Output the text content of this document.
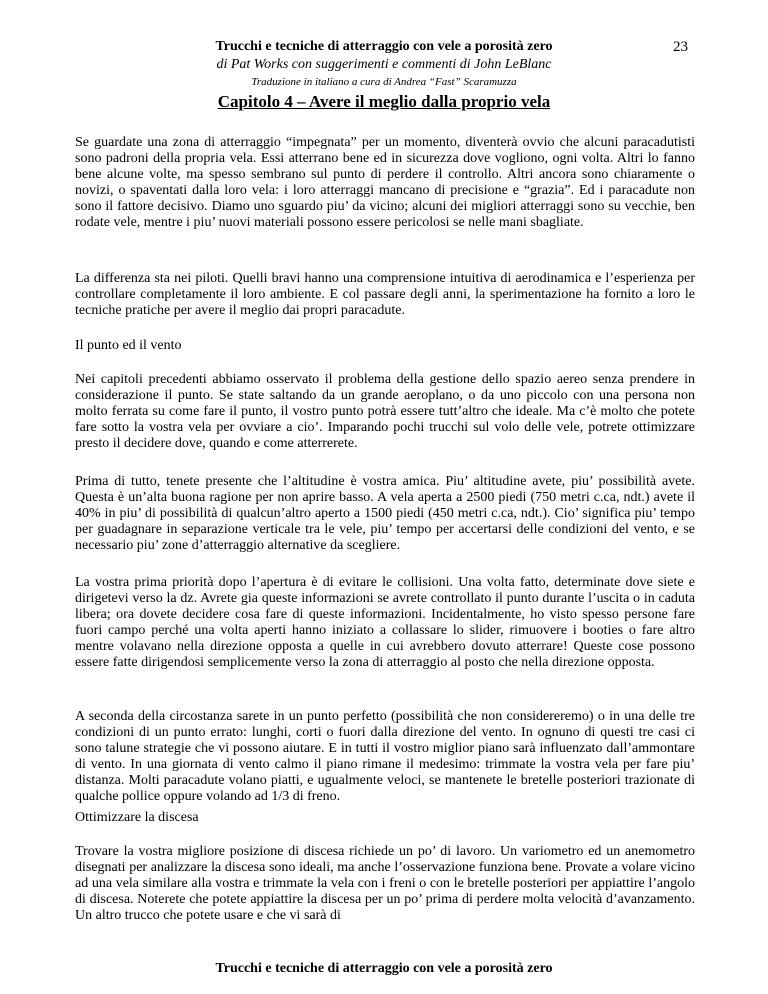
Trucchi e tecniche di atterraggio con vele a porosità zero	23
di Pat Works con suggerimenti e commenti di John LeBlanc
Traduzione in italiano a cura di Andrea “Fast” Scaramuzza
Capitolo 4 – Avere il meglio dalla proprio vela

Se guardate una zona di atterraggio “impegnata” per un momento, diventerà ovvio che alcuni paracadutisti sono padroni della propria vela. Essi atterrano bene ed in sicurezza dove vogliono, ogni volta. Altri lo fanno bene alcune volte, ma spesso sembrano sul punto di perdere il controllo. Altri ancora sono chiaramente o novizi, o spaventati dalla loro vela: i loro atterraggi mancano di precisione e “grazia”. Ed i paracadute non sono il fattore decisivo. Diamo uno sguardo piu’ da vicino; alcuni dei migliori atterraggi sono su vecchie, ben rodate vele, mentre i piu’ nuovi materiali possono essere pericolosi se nelle mani sbagliate.

La differenza sta nei piloti. Quelli bravi hanno una comprensione intuitiva di aerodinamica e l’esperienza per controllare completamente il loro ambiente. E col passare degli anni, la sperimentazione ha fornito a loro le tecniche pratiche per avere il meglio dai propri paracadute.

Il punto ed il vento

Nei capitoli precedenti abbiamo osservato il problema della gestione dello spazio aereo senza prendere in considerazione il punto. Se state saltando da un grande aeroplano, o da uno piccolo con una persona non molto ferrata su come fare il punto, il vostro punto potrà essere tutt’altro che ideale. Ma c’è molto che potete fare sotto la vostra vela per ovviare a cio’. Imparando pochi trucchi sul volo delle vele, potrete ottimizzare presto il decidere dove, quando e come atterrerete.

Prima di tutto, tenete presente che l’altitudine è vostra amica. Piu’ altitudine avete, piu’ possibilità avete. Questa è un’alta buona ragione per non aprire basso. A vela aperta a 2500 piedi (750 metri c.ca, ndt.) avete il 40% in piu’ di possibilità di qualcun’altro aperto a 1500 piedi (450 metri c.ca, ndt.). Cio’ significa piu’ tempo per guadagnare in separazione verticale tra le vele, piu’ tempo per accertarsi delle condizioni del vento, e se necessario piu’ zone d’atterraggio alternative da scegliere.

La vostra prima priorità dopo l’apertura è di evitare le collisioni. Una volta fatto, determinate dove siete e dirigetevi verso la dz. Avrete gia queste informazioni se avrete controllato il punto durante l’uscita o in caduta libera; ora dovete decidere cosa fare di queste informazioni. Incidentalmente, ho visto spesso persone fare fuori campo perché una volta aperti hanno iniziato a collassare lo slider, rimuovere i booties o fare altro mentre volavano nella direzione opposta a quelle in cui avrebbero dovuto atterrare! Queste cose possono essere fatte dirigendosi semplicemente verso la zona di atterraggio al posto che nella direzione opposta.

A seconda della circostanza sarete in un punto perfetto (possibilità che non considereremo) o in una delle tre condizioni di un punto errato: lunghi, corti o fuori dalla direzione del vento. In ognuno di questi tre casi ci sono talune strategie che vi possono aiutare. E in tutti il vostro miglior piano sarà influenzato dall’ammontare di vento. In una giornata di vento calmo il piano rimane il medesimo: trimmate la vostra vela per fare piu’ distanza. Molti paracadute volano piatti, e ugualmente veloci, se mantenete le bretelle posteriori trazionate di qualche pollice oppure volando ad 1/3 di freno.

Ottimizzare la discesa

Trovare la vostra migliore posizione di discesa richiede un po’ di lavoro. Un variometro ed un anemometro disegnati per analizzare la discesa sono ideali, ma anche l’osservazione funziona bene. Provate a volare vicino ad una vela similare alla vostra e trimmate la vela con i freni o con le bretelle posteriori per appiattire l’angolo di discesa. Noterete che potete appiattire la discesa per un po’ prima di perdere molta velocità d’avanzamento. Un altro trucco che potete usare e che vi sarà di

Trucchi e tecniche di atterraggio con vele a porosità zero
